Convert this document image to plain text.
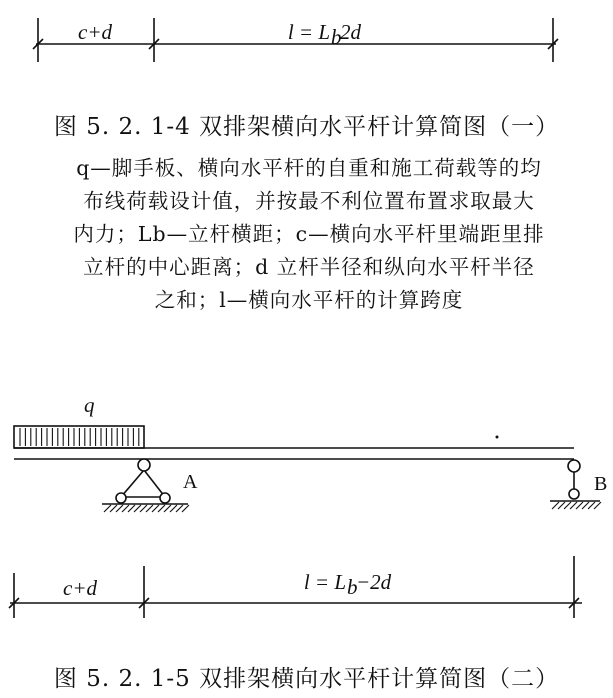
c+d	l = L b
2d
q
A	B
c+d	l = L b
−2d
图 5. 2. 1-4 双排架横向水平杆计算简图（一）
q—脚手板、横向水平杆的自重和施工荷载等的均
布线荷载设计值，并按最不利位置布置求取最大
内力；Lb—立杆横距；c—横向水平杆里端距里排
立杆的中心距离；d 立杆半径和纵向水平杆半径
之和；l—横向水平杆的计算跨度
图 5. 2. 1-5 双排架横向水平杆计算简图（二）
